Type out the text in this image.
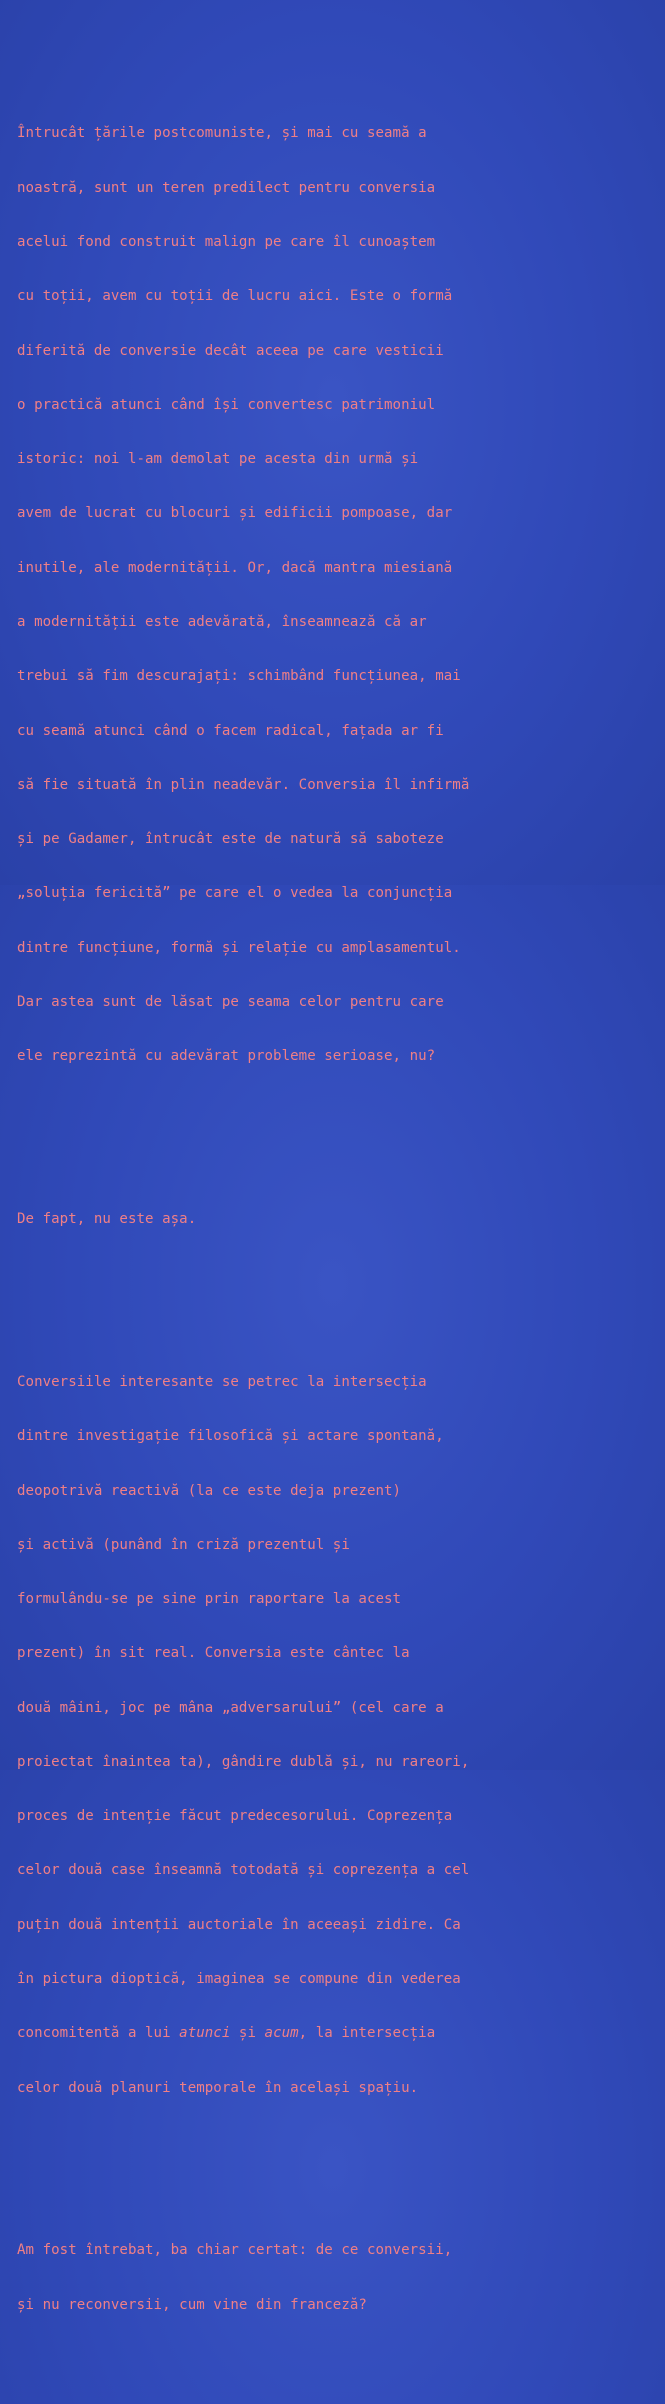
Întrucât țările postcomuniste, și mai cu seamă a

noastră, sunt un teren predilect pentru conversia

acelui fond construit malign pe care îl cunoaștem

cu toții, avem cu toții de lucru aici. Este o formă

diferită de conversie decât aceea pe care vesticii

o practică atunci când își convertesc patrimoniul

istoric: noi l-am demolat pe acesta din urmă și

avem de lucrat cu blocuri și edificii pompoase, dar

inutile, ale modernității. Or, dacă mantra miesiană

a modernității este adevărată, înseamnează că ar

trebui să fim descurajați: schimbând funcțiunea, mai

cu seamă atunci când o facem radical, fațada ar fi

să fie situată în plin neadevăr. Conversia îl infirmă

și pe Gadamer, întrucât este de natură să saboteze

„soluția fericită” pe care el o vedea la conjuncția

dintre funcțiune, formă și relație cu amplasamentul.

Dar astea sunt de lăsat pe seama celor pentru care

ele reprezintă cu adevărat probleme serioase, nu?

De fapt, nu este așa.

Conversiile interesante se petrec la intersecția

dintre investigație filosofică și actare spontană,

deopotrivă reactivă (la ce este deja prezent)

și activă (punând în criză prezentul și

formulându-se pe sine prin raportare la acest

prezent) în sit real. Conversia este cântec la

două mâini, joc pe mâna „adversarului” (cel care a

proiectat înaintea ta), gândire dublă și, nu rareori,

proces de intenție făcut predecesorului. Coprezența

celor două case înseamnă totodată și coprezența a cel

puțin două intenții auctoriale în aceeași zidire. Ca

în pictura dioptică, imaginea se compune din vederea

concomitentă a lui atunci și acum, la intersecția

celor două planuri temporale în același spațiu.

Am fost întrebat, ba chiar certat: de ce conversii,

și nu reconversii, cum vine din franceză?
